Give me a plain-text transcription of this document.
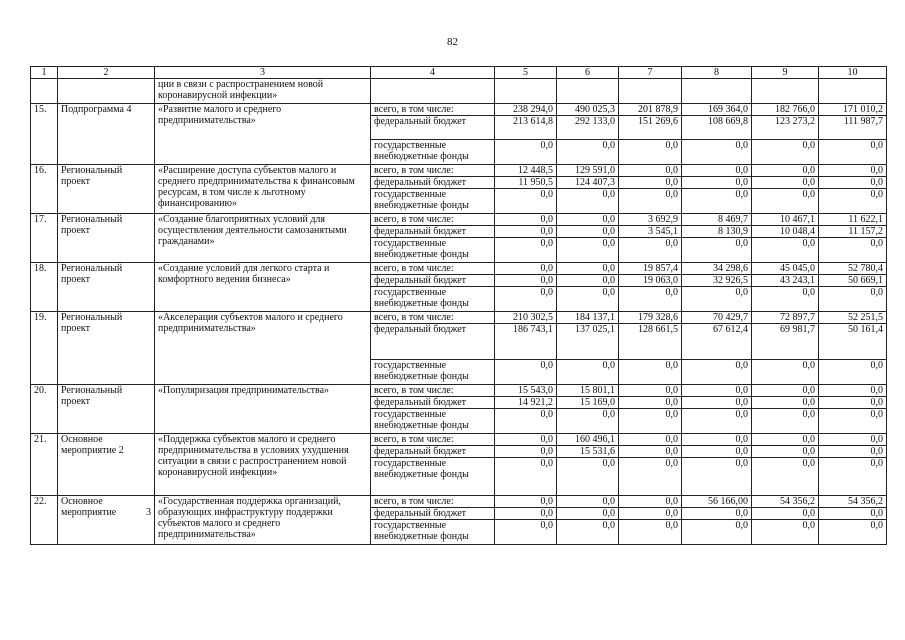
82
1	2	3	4	5	6	7	8	9	10
		ции в связи с распространением новой коронавирусной инфекции»							
15.	Подпрограмма 4	«Развитие малого и среднего предпринимательства»	всего, в том числе:	238 294,0	490 025,3	201 878,9	169 364,0	182 766,0	171 010,2
			федеральный бюджет	213 614,8	292 133,0	151 269,6	108 669,8	123 273,2	111 987,7
			государственные внебюджетные фонды	0,0	0,0	0,0	0,0	0,0	0,0
16.	Региональный проект	«Расширение доступа субъектов малого и среднего предпринимательства к финансовым ресурсам, в том числе к льготному финансированию»	всего, в том числе:	12 448,5	129 591,0	0,0	0,0	0,0	0,0
			федеральный бюджет	11 950,5	124 407,3	0,0	0,0	0,0	0,0
			государственные внебюджетные фонды	0,0	0,0	0,0	0,0	0,0	0,0
17.	Региональный проект	«Создание благоприятных условий для осуществления деятельности самозанятыми гражданами»	всего, в том числе:	0,0	0,0	3 692,9	8 469,7	10 467,1	11 622,1
			федеральный бюджет	0,0	0,0	3 545,1	8 130,9	10 048,4	11 157,2
			государственные внебюджетные фонды	0,0	0,0	0,0	0,0	0,0	0,0
18.	Региональный проект	«Создание условий для легкого старта и комфортного ведения бизнеса»	всего, в том числе:	0,0	0,0	19 857,4	34 298,6	45 045,0	52 780,4
			федеральный бюджет	0,0	0,0	19 063,0	32 926,5	43 243,1	50 669,1
			государственные внебюджетные фонды	0,0	0,0	0,0	0,0	0,0	0,0
19.	Региональный проект	«Акселерация субъектов малого и среднего предпринимательства»	всего, в том числе:	210 302,5	184 137,1	179 328,6	70 429,7	72 897,7	52 251,5
			федеральный бюджет	186 743,1	137 025,1	128 661,5	67 612,4	69 981,7	50 161,4
			государственные внебюджетные фонды	0,0	0,0	0,0	0,0	0,0	0,0
20.	Региональный проект	«Популяризация предпринимательства»	всего, в том числе:	15 543,0	15 801,1	0,0	0,0	0,0	0,0
			федеральный бюджет	14 921,2	15 169,0	0,0	0,0	0,0	0,0
			государственные внебюджетные фонды	0,0	0,0	0,0	0,0	0,0	0,0
21.	Основное мероприятие 2	«Поддержка субъектов малого и среднего предпринимательства в условиях ухудшения ситуации в связи с распространением новой коронавирусной инфекции»	всего, в том числе:	0,0	160 496,1	0,0	0,0	0,0	0,0
			федеральный бюджет	0,0	15 531,6	0,0	0,0	0,0	0,0
			государственные внебюджетные фонды	0,0	0,0	0,0	0,0	0,0	0,0
22.	Основное мероприятие 3	«Государственная поддержка организаций, образующих инфраструктуру поддержки субъектов малого и среднего предпринимательства»	всего, в том числе:	0,0	0,0	0,0	56 166,00	54 356,2	54 356,2
			федеральный бюджет	0,0	0,0	0,0	0,0	0,0	0,0
			государственные внебюджетные фонды	0,0	0,0	0,0	0,0	0,0	0,0
